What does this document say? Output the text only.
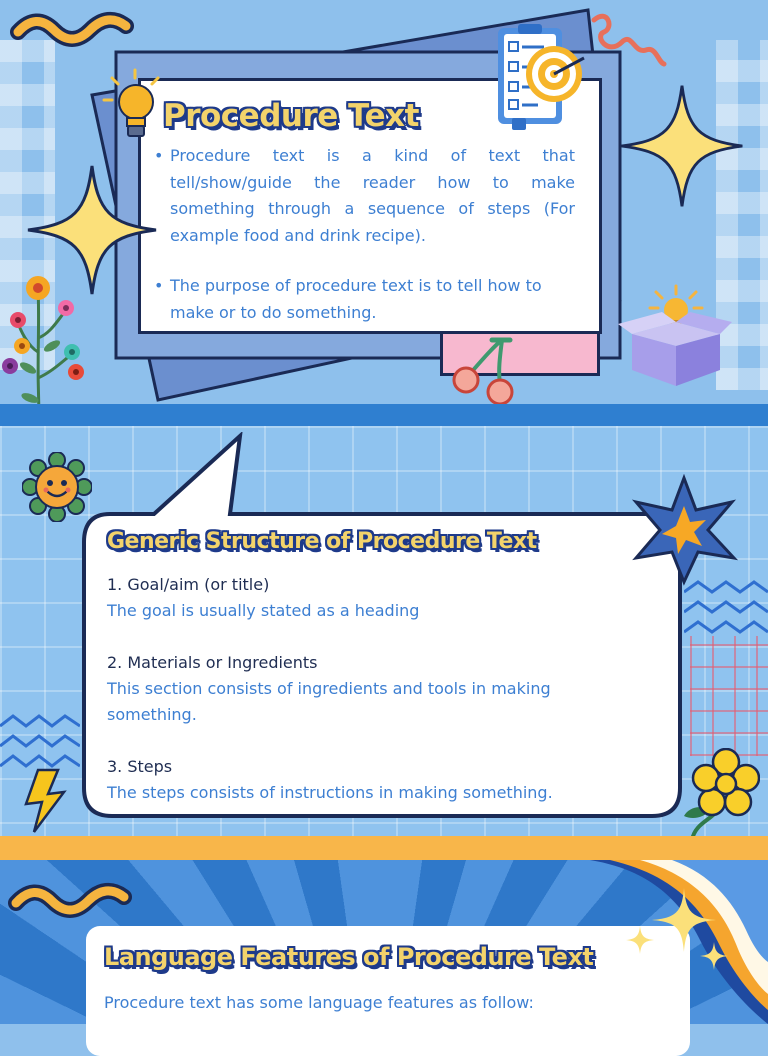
Procedure Text
• Procedure text is a kind of text that tell/show/guide the reader how to make something through a sequence of steps (For example food and drink recipe).
• The purpose of procedure text is to tell how to make or to do something.
Generic Structure of Procedure Text
1. Goal/aim (or title)
The goal is usually stated as a heading
2. Materials or Ingredients
This section consists of ingredients and tools in making something.
3. Steps
The steps consists of instructions in making something.
Language Features of Procedure Text
Procedure text has some language features as follow:
